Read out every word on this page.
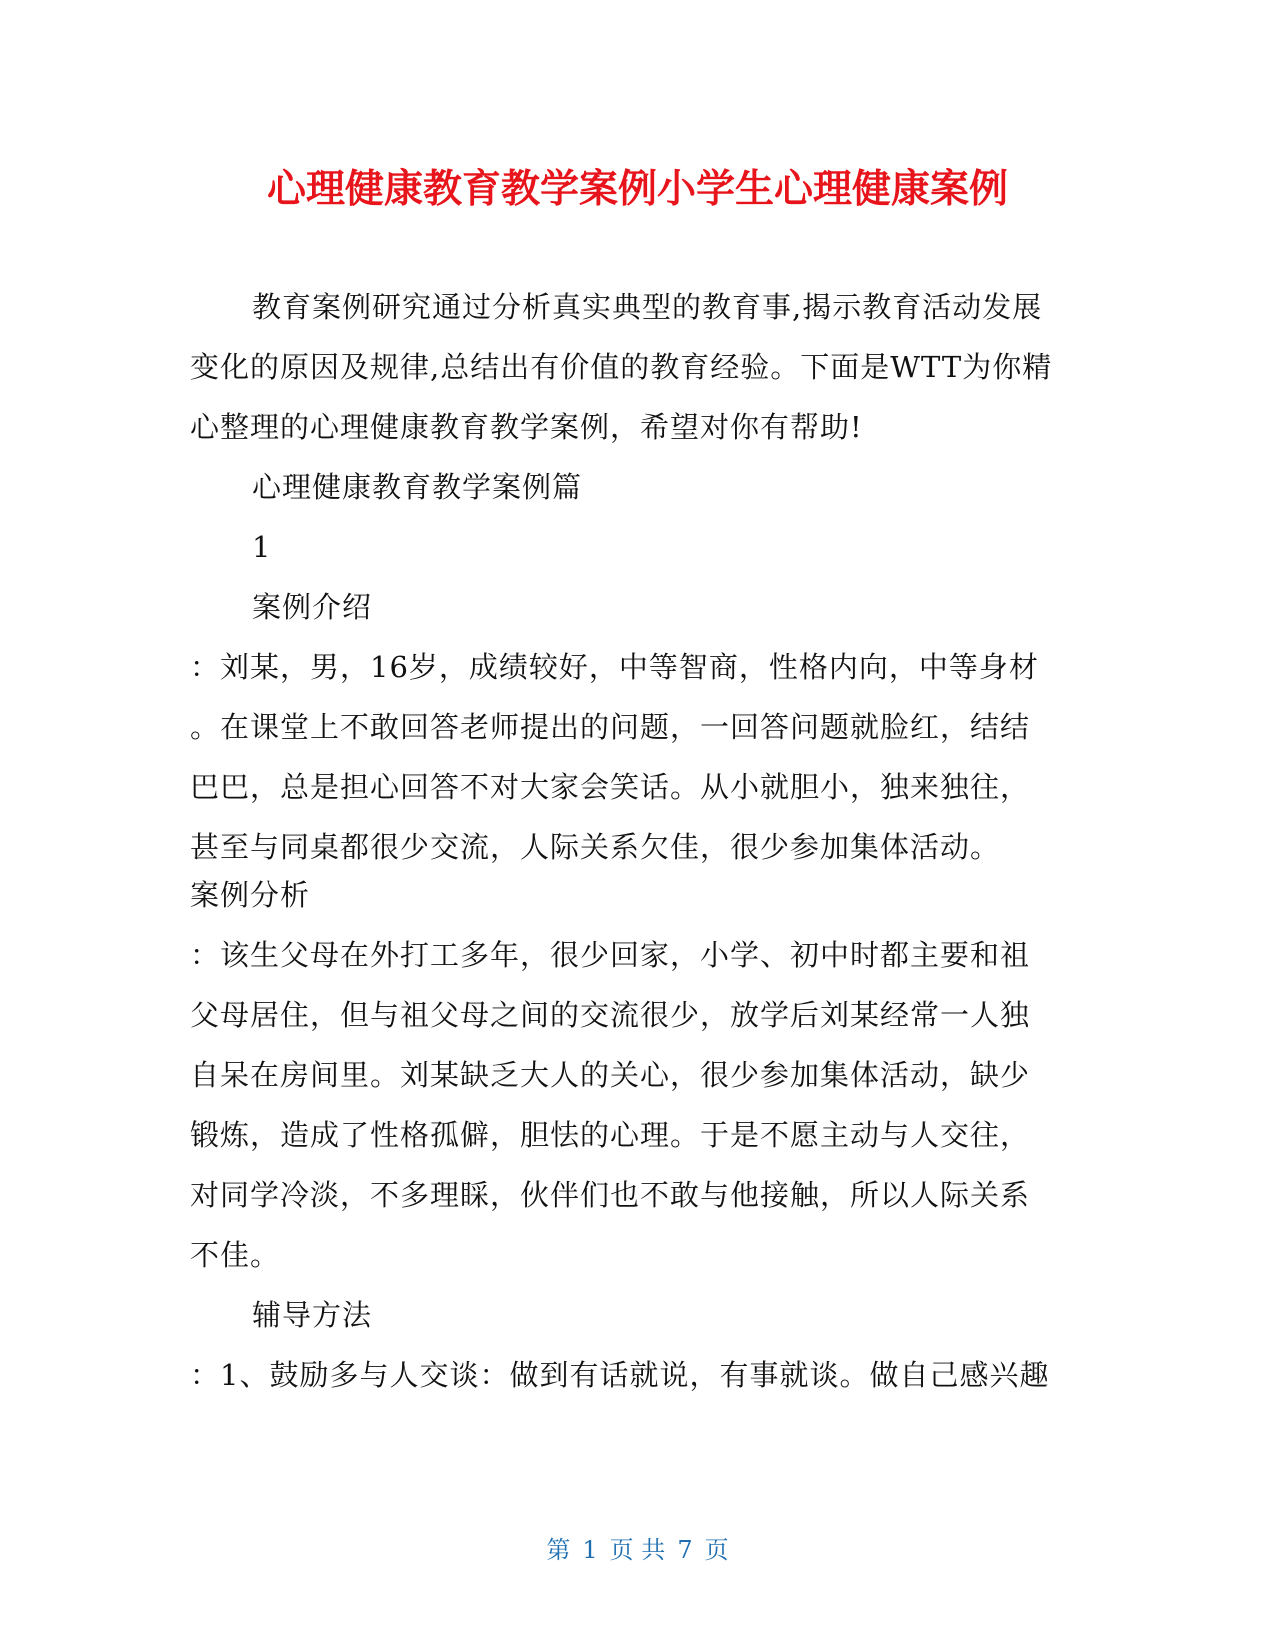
心理健康教育教学案例小学生心理健康案例
教育案例研究通过分析真实典型的教育事,揭示教育活动发展
变化的原因及规律,总结出有价值的教育经验。下面是WTT为你精
心整理的心理健康教育教学案例，希望对你有帮助!
心理健康教育教学案例篇
1
案例介绍
：刘某，男，16岁，成绩较好，中等智商，性格内向，中等身材
。在课堂上不敢回答老师提出的问题，一回答问题就脸红，结结
巴巴，总是担心回答不对大家会笑话。从小就胆小，独来独往，
甚至与同桌都很少交流，人际关系欠佳，很少参加集体活动。
案例分析
：该生父母在外打工多年，很少回家，小学、初中时都主要和祖
父母居住，但与祖父母之间的交流很少，放学后刘某经常一人独
自呆在房间里。刘某缺乏大人的关心，很少参加集体活动，缺少
锻炼，造成了性格孤僻，胆怯的心理。于是不愿主动与人交往，
对同学冷淡，不多理睬，伙伴们也不敢与他接触，所以人际关系
不佳。
辅导方法
：1、鼓励多与人交谈：做到有话就说，有事就谈。做自己感兴趣
第 1 页 共 7 页
